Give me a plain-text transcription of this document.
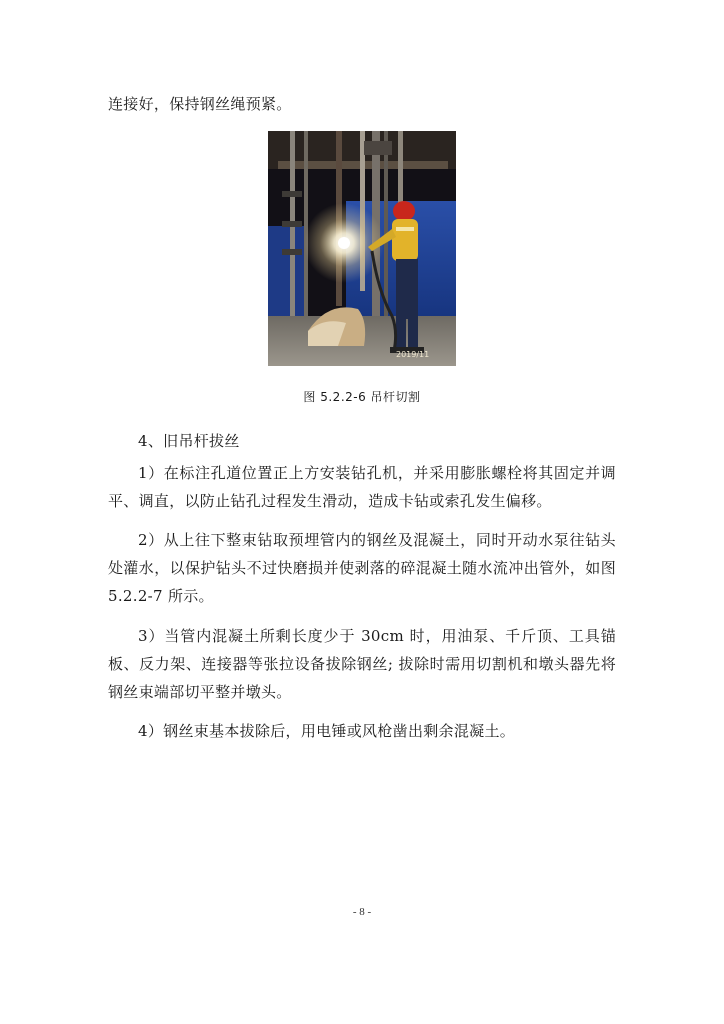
连接好，保持钢丝绳预紧。

2019/11
图 5.2.2-6 吊杆切割

4、旧吊杆拔丝

1）在标注孔道位置正上方安装钻孔机，并采用膨胀螺栓将其固定并调平、调直，以防止钻孔过程发生滑动，造成卡钻或索孔发生偏移。

2）从上往下整束钻取预埋管内的钢丝及混凝土，同时开动水泵往钻头处灌水，以保护钻头不过快磨损并使剥落的碎混凝土随水流冲出管外，如图 5.2.2-7 所示。

3）当管内混凝土所剩长度少于 30cm 时，用油泵、千斤顶、工具锚板、反力架、连接器等张拉设备拔除钢丝; 拔除时需用切割机和墩头器先将钢丝束端部切平整并墩头。

4）钢丝束基本拔除后，用电锤或风枪凿出剩余混凝土。

- 8 -
